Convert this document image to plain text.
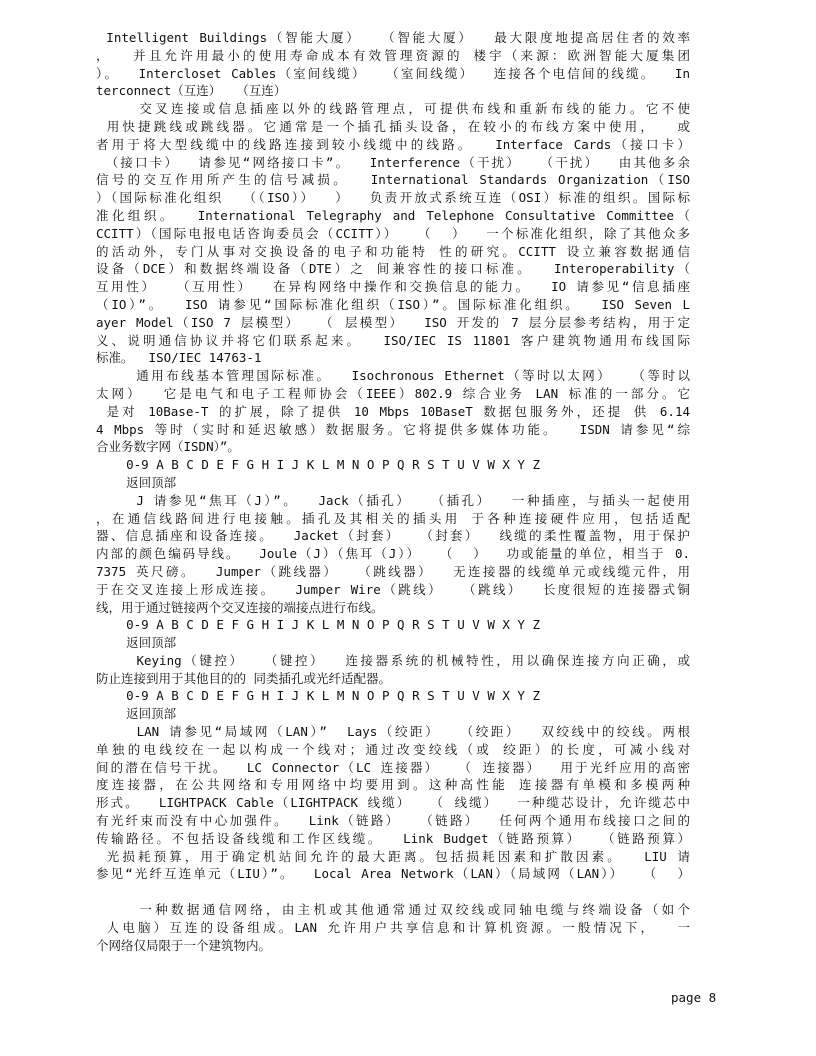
Intelligent Buildings（智能大厦）  （智能大厦）  最大限度地提高居住者的效率
，  并且允许用最小的使用寿命成本有效管理资源的 楼宇（来源：欧洲智能大厦集团
）。  Intercloset Cables（室间线缆）  （室间线缆）  连接各个电信间的线缆。  In
terconnect（互连）  （互连）
交叉连接或信息插座以外的线路管理点，可提供布线和重新布线的能力。它不使
用快捷跳线或跳线器。它通常是一个插孔插头设备，在较小的布线方案中使用，  或
者用于将大型线缆中的线路连接到较小线缆中的线路。  Interface Cards（接口卡）
（接口卡）  请参见“网络接口卡”。  Interference（干扰）  （干扰）  由其他多余
信号的交互作用所产生的信号减损。  International Standards Organization（ISO
）（国际标准化组织  （（ISO））  ）  负责开放式系统互连（OSI）标准的组织。国际标
准化组织。  International Telegraphy and Telephone Consultative Committee（
CCITT）（国际电报电话咨询委员会（CCITT））  （  ）  一个标准化组织，除了其他众多
的活动外，专门从事对交换设备的电子和功能特 性的研究。CCITT 设立兼容数据通信
设备（DCE）和数据终端设备（DTE）之 间兼容性的接口标准。  Interoperability（
互用性）  （互用性）  在异构网络中操作和交换信息的能力。  IO 请参见“信息插座
（IO）”。  ISO 请参见“国际标准化组织（ISO）”。国际标准化组织。  ISO Seven L
ayer Model（ISO 7 层模型）  （ 层模型）  ISO 开发的 7 层分层参考结构，用于定
义、说明通信协议并将它们联系起来。  ISO/IEC IS 11801 客户建筑物通用布线国际
标准。  ISO/IEC 14763-1
通用布线基本管理国际标准。  Isochronous Ethernet（等时以太网）  （等时以
太网）  它是电气和电子工程师协会（IEEE）802.9 综合业务 LAN 标准的一部分。它
是对 10Base-T 的扩展，除了提供 10 Mbps 10BaseT 数据包服务外，还提 供 6.14
4 Mbps 等时（实时和延迟敏感）数据服务。它将提供多媒体功能。  ISDN 请参见“综
合业务数字网（ISDN）”。
0-9 A B C D E F G H I J K L M N O P Q R S T U V W X Y Z
返回顶部
J 请参见“焦耳（J）”。  Jack（插孔）  （插孔）  一种插座，与插头一起使用
，在通信线路间进行电接触。插孔及其相关的插头用 于各种连接硬件应用，包括适配
器、信息插座和设备连接。  Jacket（封套）  （封套）  线缆的柔性覆盖物，用于保护
内部的颜色编码导线。  Joule（J）（焦耳（J））  （  ）  功或能量的单位，相当于 0.
7375 英尺磅。  Jumper（跳线器）  （跳线器）  无连接器的线缆单元或线缆元件，用
于在交叉连接上形成连接。  Jumper Wire（跳线）  （跳线）  长度很短的连接器式铜
线，用于通过链接两个交叉连接的端接点进行布线。
0-9 A B C D E F G H I J K L M N O P Q R S T U V W X Y Z
返回顶部
Keying（键控）  （键控）  连接器系统的机械特性，用以确保连接方向正确，或
防止连接到用于其他目的的 同类插孔或光纤适配器。
0-9 A B C D E F G H I J K L M N O P Q R S T U V W X Y Z
返回顶部
LAN 请参见“局域网（LAN）”  Lays（绞距）  （绞距）  双绞线中的绞线。两根
单独的电线绞在一起以构成一个线对；通过改变绞线（或 绞距）的长度，可减小线对
间的潜在信号干扰。  LC Connector（LC 连接器）  （ 连接器）  用于光纤应用的高密
度连接器，在公共网络和专用网络中均要用到。这种高性能 连接器有单模和多模两种
形式。  LIGHTPACK Cable（LIGHTPACK 线缆）  （ 线缆）  一种缆芯设计，允许缆芯中
有光纤束而没有中心加强件。  Link（链路）  （链路）  任何两个通用布线接口之间的
传输路径。不包括设备线缆和工作区线缆。  Link Budget（链路预算）  （链路预算）
光损耗预算，用于确定机站间允许的最大距离。包括损耗因素和扩散因素。  LIU 请
参见“光纤互连单元（LIU）”。  Local Area Network（LAN）（局域网（LAN））  （  ）
一种数据通信网络，由主机或其他通常通过双绞线或同轴电缆与终端设备（如个
人电脑）互连的设备组成。LAN 允许用户共享信息和计算机资源。一般情况下，  一
个网络仅局限于一个建筑物内。
page 8
